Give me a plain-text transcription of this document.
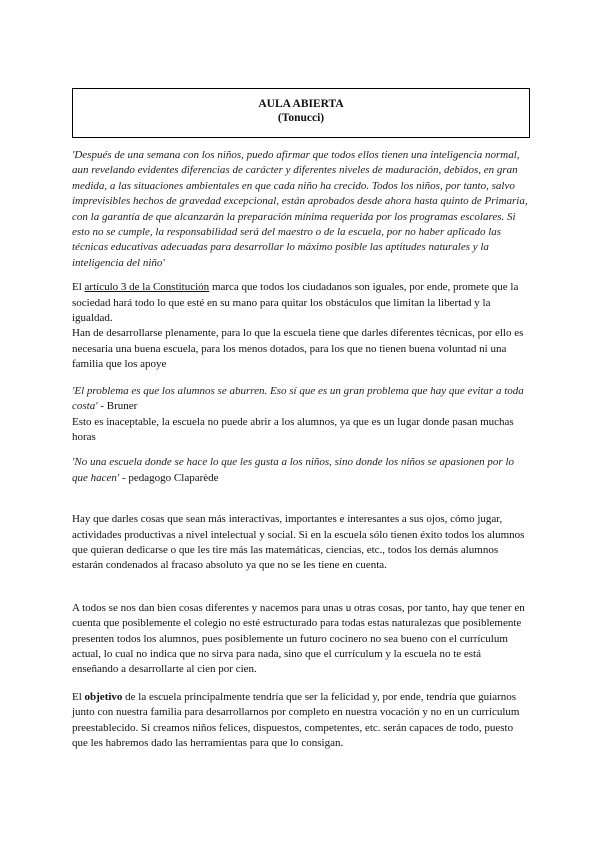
AULA ABIERTA
(Tonucci)

'Después de una semana con los niños, puedo afirmar que todos ellos tienen una inteligencia normal, aun revelando evidentes diferencias de carácter y diferentes niveles de maduración, debidos, en gran medida, a las situaciones ambientales en que cada niño ha crecido. Todos los niños, por tanto, salvo imprevisibles hechos de gravedad excepcional, están aprobados desde ahora hasta quinto de Primaria, con la garantía de que alcanzarán la preparación mínima requerida por los programas escolares. Si esto no se cumple, la responsabilidad será del maestro o de la escuela, por no haber aplicado las técnicas educativas adecuadas para desarrollar lo máximo posible las aptitudes naturales y la inteligencia del niño'

El artículo 3 de la Constitución marca que todos los ciudadanos son iguales, por ende, promete que la sociedad hará todo lo que esté en su mano para quitar los obstáculos que limitan la libertad y la igualdad.

Han de desarrollarse plenamente, para lo que la escuela tiene que darles diferentes técnicas, por ello es necesaria una buena escuela, para los menos dotados, para los que no tienen buena voluntad ni una familia que los apoye

'El problema es que los alumnos se aburren. Eso sí que es un gran problema que hay que evitar a toda costa' - Bruner

Esto es inaceptable, la escuela no puede abrir a los alumnos, ya que es un lugar donde pasan muchas horas

'No una escuela donde se hace lo que les gusta a los niños, sino donde los niños se apasionen por lo que hacen' - pedagogo Claparède

Hay que darles cosas que sean más interactivas, importantes e interesantes a sus ojos, cómo jugar, actividades productivas a nivel intelectual y social. Si en la escuela sólo tienen éxito todos los alumnos que quieran dedicarse o que les tire más las matemáticas, ciencias, etc., todos los demás alumnos estarán condenados al fracaso absoluto ya que no se les tiene en cuenta.

A todos se nos dan bien cosas diferentes y nacemos para unas u otras cosas, por tanto, hay que tener en cuenta que posiblemente el colegio no esté estructurado para todas estas naturalezas que posiblemente presenten todos los alumnos, pues posiblemente un futuro cocinero no sea bueno con el currículum actual, lo cual no indica que no sirva para nada, sino que el currículum y la escuela no te está enseñando a desarrollarte al cien por cien.

El objetivo de la escuela principalmente tendría que ser la felicidad y, por ende, tendría que guiarnos junto con nuestra familia para desarrollarnos por completo en nuestra vocación y no en un currículum preestablecido. Si creamos niños felices, dispuestos, competentes, etc. serán capaces de todo, puesto que les habremos dado las herramientas para que lo consigan.
